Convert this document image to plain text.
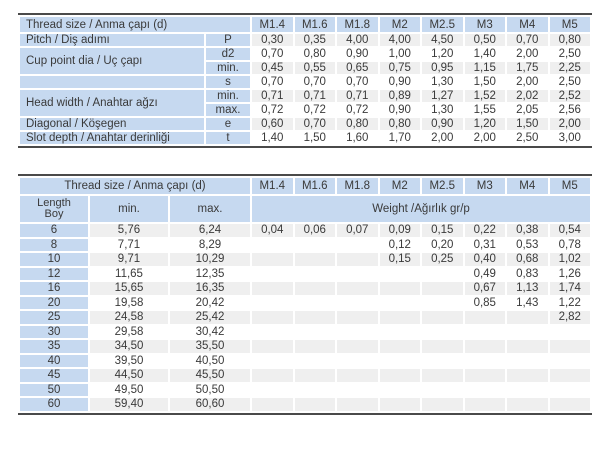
Thread size / Anma çapı (d)		M1.4	M1.6	M1.8	M2	M2.5	M3	M4	M5
Pitch / Diş adımı	P	0,30	0,35	4,00	4,00	4,50	0,50	0,70	0,80
Cup point dia / Uç çapı	d2	0,70	0,80	0,90	1,00	1,20	1,40	2,00	2,50
	min.	0,45	0,55	0,65	0,75	0,95	1,15	1,75	2,25
	s	0,70	0,70	0,70	0,90	1,30	1,50	2,00	2,50
Head width / Anahtar ağzı	min.	0,71	0,71	0,71	0,89	1,27	1,52	2,02	2,52
	max.	0,72	0,72	0,72	0,90	1,30	1,55	2,05	2,56
Diagonal / Köşegen	e	0,60	0,70	0,80	0,80	0,90	1,20	1,50	2,00
Slot depth / Anahtar derinliği	t	1,40	1,50	1,60	1,70	2,00	2,00	2,50	3,00
Thread size / Anma çapı (d)			M1.4	M1.6	M1.8	M2	M2.5	M3	M4	M5
Length
Boy	min.	max.	Weight /Ağırlık gr/p							
6	5,76	6,24	0,04	0,06	0,07	0,09	0,15	0,22	0,38	0,54
8	7,71	8,29				0,12	0,20	0,31	0,53	0,78
10	9,71	10,29				0,15	0,25	0,40	0,68	1,02
12	11,65	12,35						0,49	0,83	1,26
16	15,65	16,35						0,67	1,13	1,74
20	19,58	20,42						0,85	1,43	1,22
25	24,58	25,42								2,82
30	29,58	30,42								
35	34,50	35,50								
40	39,50	40,50								
45	44,50	45,50								
50	49,50	50,50								
60	59,40	60,60								
